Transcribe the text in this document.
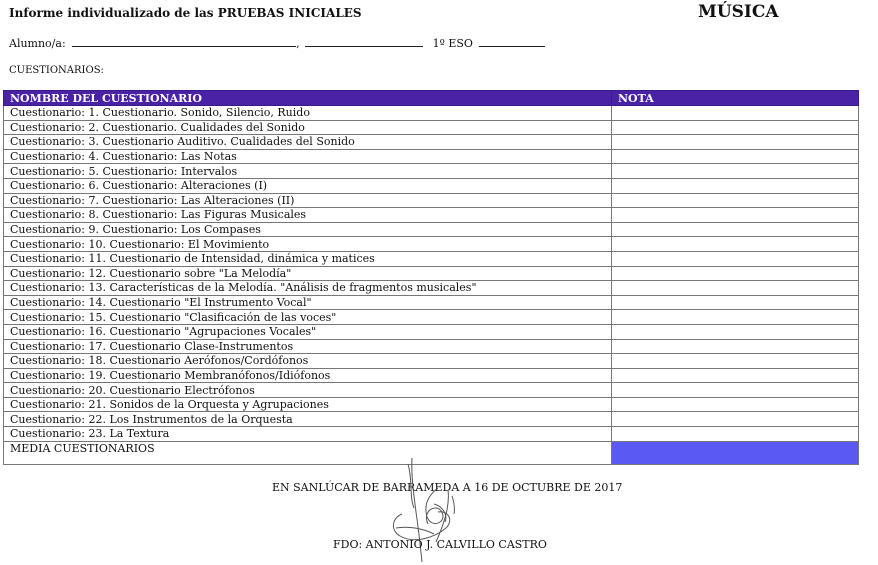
Informe individualizado de las PRUEBAS INICIALES	MÚSICA
Alumno/a:	,	1º ESO
CUESTIONARIOS:
NOMBRE DEL CUESTIONARIO	NOTA
Cuestionario: 1. Cuestionario. Sonido, Silencio, Ruido	
Cuestionario: 2. Cuestionario. Cualidades del Sonido	
Cuestionario: 3. Cuestionario Auditivo. Cualidades del Sonido	
Cuestionario: 4. Cuestionario: Las Notas	
Cuestionario: 5. Cuestionario: Intervalos	
Cuestionario: 6. Cuestionario: Alteraciones (I)	
Cuestionario: 7. Cuestionario: Las Alteraciones (II)	
Cuestionario: 8. Cuestionario: Las Figuras Musicales	
Cuestionario: 9. Cuestionario: Los Compases	
Cuestionario: 10. Cuestionario: El Movimiento	
Cuestionario: 11. Cuestionario de Intensidad, dinámica y matices	
Cuestionario: 12. Cuestionario sobre "La Melodía"	
Cuestionario: 13. Características de la Melodía. "Análisis de fragmentos musicales"	
Cuestionario: 14. Cuestionario "El Instrumento Vocal"	
Cuestionario: 15. Cuestionario "Clasificación de las voces"	
Cuestionario: 16. Cuestionario "Agrupaciones Vocales"	
Cuestionario: 17. Cuestionario Clase-Instrumentos	
Cuestionario: 18. Cuestionario Aerófonos/Cordófonos	
Cuestionario: 19. Cuestionario Membranófonos/Idiófonos	
Cuestionario: 20. Cuestionario Electrófonos	
Cuestionario: 21. Sonidos de la Orquesta y Agrupaciones	
Cuestionario: 22. Los Instrumentos de la Orquesta	
Cuestionario: 23. La Textura	
MEDIA CUESTIONARIOS	
EN SANLÚCAR DE BARRAMEDA A 16 DE OCTUBRE DE 2017
FDO: ANTONIO J. CALVILLO CASTRO
